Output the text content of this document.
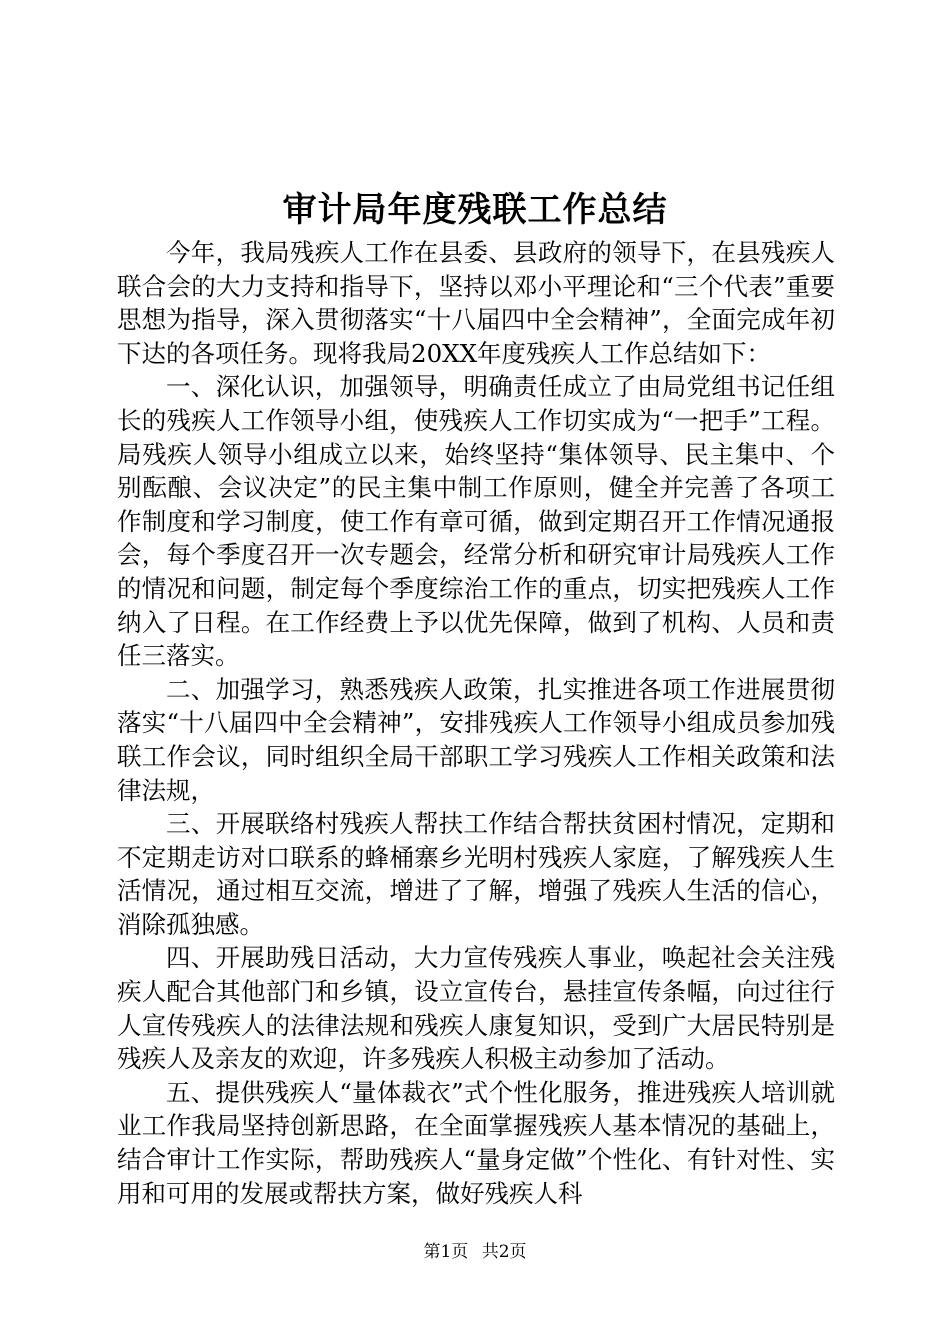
审计局年度残联工作总结

今年，我局残疾人工作在县委、县政府的领导下，在县残疾人联合会的大力支持和指导下，坚持以邓小平理论和“三个代表”重要思想为指导，深入贯彻落实“十八届四中全会精神”，全面完成年初下达的各项任务。现将我局20XX年度残疾人工作总结如下：

一、深化认识，加强领导，明确责任成立了由局党组书记任组长的残疾人工作领导小组，使残疾人工作切实成为“一把手”工程。局残疾人领导小组成立以来，始终坚持“集体领导、民主集中、个别酝酿、会议决定”的民主集中制工作原则，健全并完善了各项工作制度和学习制度，使工作有章可循，做到定期召开工作情况通报会，每个季度召开一次专题会，经常分析和研究审计局残疾人工作的情况和问题，制定每个季度综治工作的重点，切实把残疾人工作纳入了日程。在工作经费上予以优先保障，做到了机构、人员和责任三落实。

二、加强学习，熟悉残疾人政策，扎实推进各项工作进展贯彻落实“十八届四中全会精神”，安排残疾人工作领导小组成员参加残联工作会议，同时组织全局干部职工学习残疾人工作相关政策和法律法规，

三、开展联络村残疾人帮扶工作结合帮扶贫困村情况，定期和不定期走访对口联系的蜂桶寨乡光明村残疾人家庭，了解残疾人生活情况，通过相互交流，增进了了解，增强了残疾人生活的信心，消除孤独感。

四、开展助残日活动，大力宣传残疾人事业，唤起社会关注残疾人配合其他部门和乡镇，设立宣传台，悬挂宣传条幅，向过往行人宣传残疾人的法律法规和残疾人康复知识，受到广大居民特别是残疾人及亲友的欢迎，许多残疾人积极主动参加了活动。

五、提供残疾人“量体裁衣”式个性化服务，推进残疾人培训就业工作我局坚持创新思路，在全面掌握残疾人基本情况的基础上，结合审计工作实际，帮助残疾人“量身定做”个性化、有针对性、实用和可用的发展或帮扶方案，做好残疾人科

第1页 共2页
